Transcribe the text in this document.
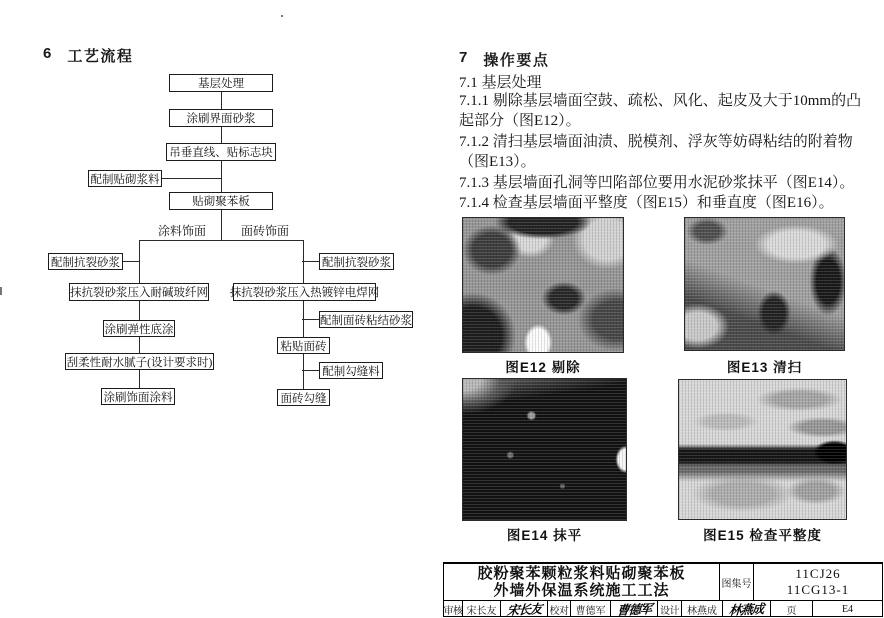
6 工艺流程
基层处理
涂刷界面砂浆
吊垂直线、贴标志块
配制贴砌浆料
贴砌聚苯板
涂料饰面	面砖饰面
配制抗裂砂浆
抹抗裂砂浆压入耐碱玻纤网
涂刷弹性底涂
刮柔性耐水腻子(设计要求时)
涂刷饰面涂料
配制抗裂砂浆
抹抗裂砂浆压入热镀锌电焊网
配制面砖粘结砂浆
粘贴面砖
配制勾缝料
面砖勾缝
7 操作要点
7.1 基层处理

7.1.1 剔除基层墙面空鼓、疏松、风化、起皮及大于10mm的凸起部分（图E12）。

7.1.2 清扫基层墙面油渍、脱模剂、浮灰等妨碍粘结的附着物（图E13）。

7.1.3 基层墙面孔洞等凹陷部位要用水泥砂浆抹平（图E14）。

7.1.4 检查基层墙面平整度（图E15）和垂直度（图E16）。

图E12 剔除	图E13 清扫
图E14 抹平	图E15 检查平整度
胶粉聚苯颗粒浆料贴砌聚苯板
外墙外保温系统施工工法	图集号
11CJ26
11CG13-1
审核 宋长友 宋长友 校对 曹德军 曹德军 设计 林燕成 林燕成	页	E4
